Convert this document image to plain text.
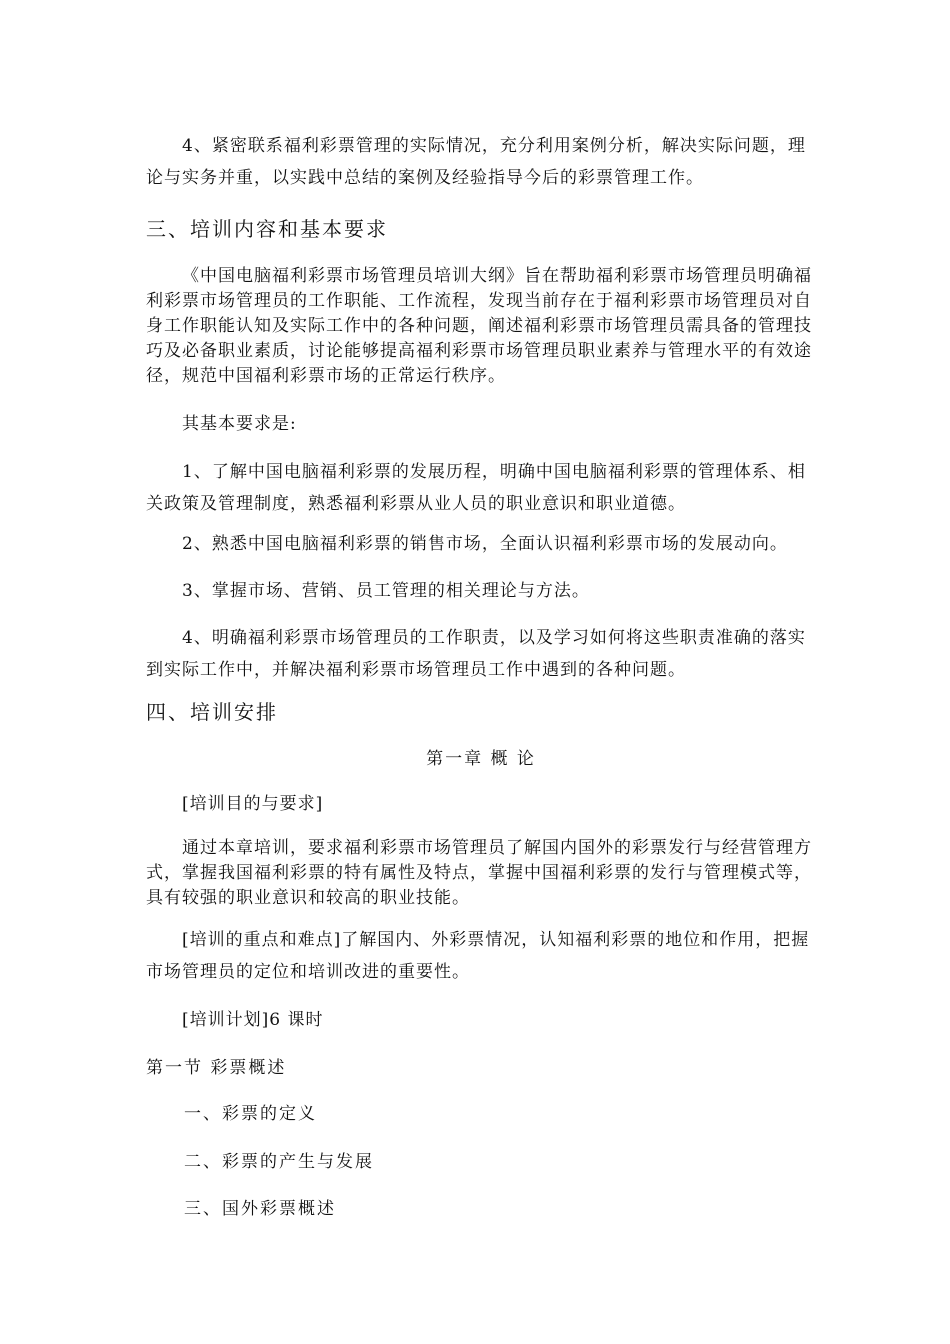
4、紧密联系福利彩票管理的实际情况，充分利用案例分析，解决实际问题，理论与实务并重，以实践中总结的案例及经验指导今后的彩票管理工作。

三、培训内容和基本要求

《中国电脑福利彩票市场管理员培训大纲》旨在帮助福利彩票市场管理员明确福利彩票市场管理员的工作职能、工作流程，发现当前存在于福利彩票市场管理员对自身工作职能认知及实际工作中的各种问题，阐述福利彩票市场管理员需具备的管理技巧及必备职业素质，讨论能够提高福利彩票市场管理员职业素养与管理水平的有效途径，规范中国福利彩票市场的正常运行秩序。

其基本要求是:

1、了解中国电脑福利彩票的发展历程，明确中国电脑福利彩票的管理体系、相关政策及管理制度，熟悉福利彩票从业人员的职业意识和职业道德。

2、熟悉中国电脑福利彩票的销售市场，全面认识福利彩票市场的发展动向。

3、掌握市场、营销、员工管理的相关理论与方法。

4、明确福利彩票市场管理员的工作职责，以及学习如何将这些职责准确的落实到实际工作中，并解决福利彩票市场管理员工作中遇到的各种问题。

四、培训安排

第一章 概 论

[培训目的与要求]

通过本章培训，要求福利彩票市场管理员了解国内国外的彩票发行与经营管理方式，掌握我国福利彩票的特有属性及特点，掌握中国福利彩票的发行与管理模式等，具有较强的职业意识和较高的职业技能。

[培训的重点和难点]了解国内、外彩票情况，认知福利彩票的地位和作用，把握市场管理员的定位和培训改进的重要性。

[培训计划]6 课时

第一节 彩票概述

一、彩票的定义

二、彩票的产生与发展

三、国外彩票概述
